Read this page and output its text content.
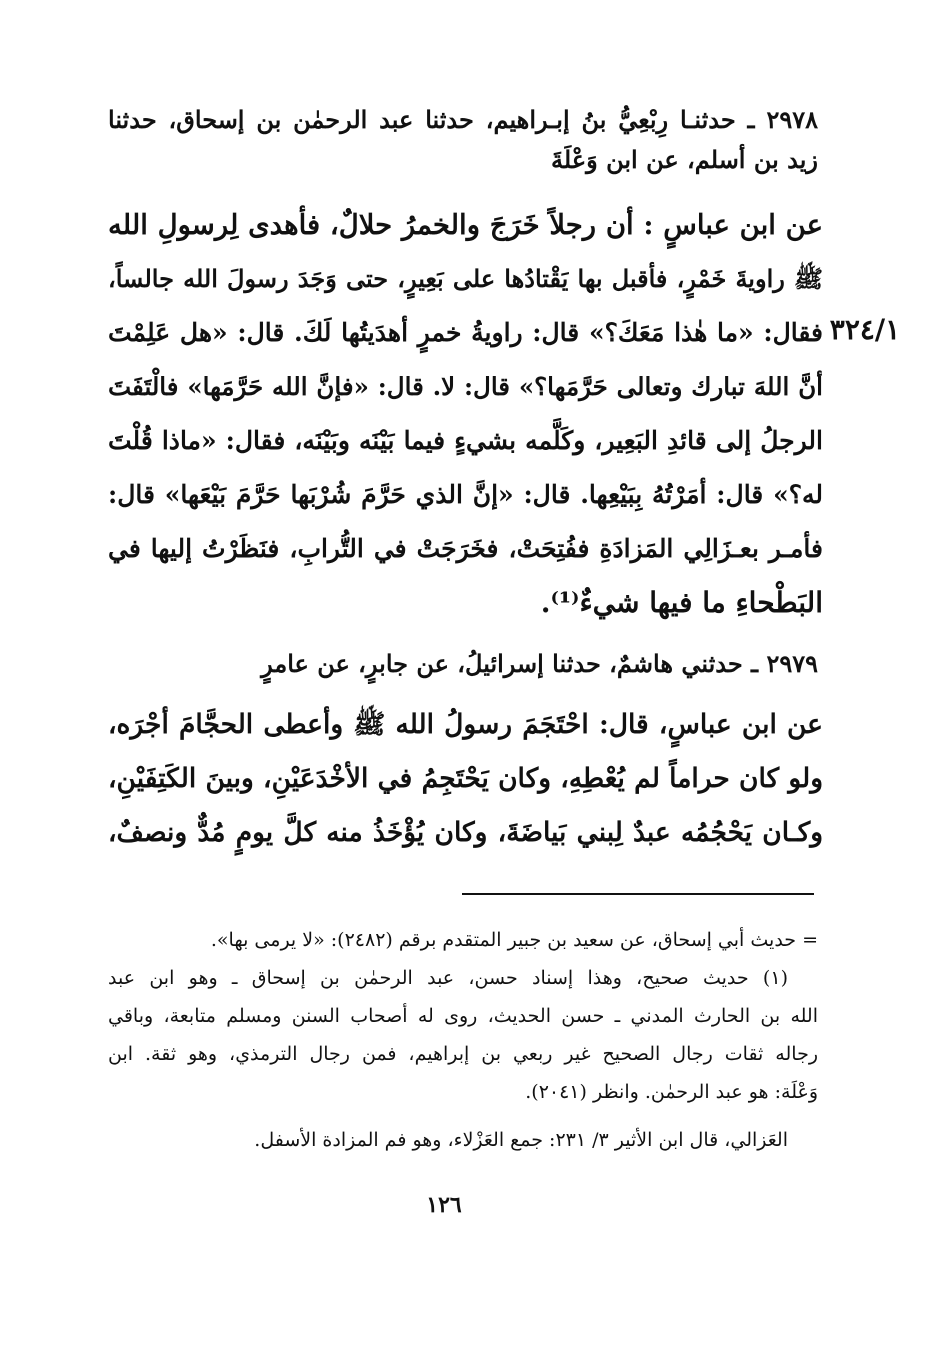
٢٩٧٨ ـ حدثنـا رِبْعِيُّ بنُ إبـراهيم، حدثنا عبد الرحمٰن بن إسحاق، حدثنا
زيد بن أسلم، عن ابن وَعْلَةَ
عن ابن عباسٍ : أن رجلاً خَرَجَ والخمرُ حلالٌ، فأهدى لِرسولِ الله
ﷺ راويةَ خَمْرٍ، فأقبل بها يَقْتادُها على بَعِيرٍ، حتى وَجَدَ رسولَ الله جالساً،
٣٢٤/١
فقال: «ما هٰذا مَعَكَ؟» قال: راويةُ خمرٍ أهدَيتُها لَكَ. قال: «هل عَلِمْتَ
أنَّ اللهَ تبارك وتعالى حَرَّمَها؟» قال: لا. قال: «فإنَّ الله حَرَّمَها» فالْتَفَتَ
الرجلُ إلى قائدِ البَعِير، وكَلَّمه بشيءٍ فيما بَيْنَه وبَيْنَه، فقال: «ماذا قُلْتَ
له؟» قال: أمَرْتُهُ بِبَيْعِها. قال: «إنَّ الذي حَرَّمَ شُرْبَها حَرَّمَ بَيْعَها» قال:
فأمـر بعـزَالِي المَزادَةِ ففُتِحَتْ، فخَرَجَتْ في التُّرابِ، فنَظَرْتُ إليها في
البَطْحاءِ ما فيها شيءٌ⁽¹⁾.
٢٩٧٩ ـ حدثني هاشمٌ، حدثنا إسرائيلُ، عن جابرٍ، عن عامرٍ
عن ابن عباسٍ، قال: احْتَجَمَ رسولُ الله ﷺ وأعطى الحجَّامَ أجْرَه،
ولو كان حراماً لم يُعْطِهِ، وكان يَحْتَجِمُ في الأخْدَعَيْنِ، وبينَ الكَتِفَيْنِ،
وكـان يَحْجُمُه عبدٌ لِبني بَياضَةَ، وكان يُؤْخَذُ منه كلَّ يومٍ مُدٌّ ونصفٌ،
= حديث أبي إسحاق، عن سعيد بن جبير المتقدم برقم (٢٤٨٢): «لا يرمى بها».
(١) حديث صحيح، وهذا إسناد حسن، عبد الرحمٰن بن إسحاق ـ وهو ابن عبد
الله بن الحارث المدني ـ حسن الحديث، روى له أصحاب السنن ومسلم متابعة، وباقي
رجاله ثقات رجال الصحيح غير ربعي بن إبراهيم، فمن رجال الترمذي، وهو ثقة. ابن
وَعْلَة: هو عبد الرحمٰن. وانظر (٢٠٤١).
العَزالي، قال ابن الأثير ٣/ ٢٣١: جمع العَزْلاء، وهو فم المزادة الأسفل.
١٢٦
